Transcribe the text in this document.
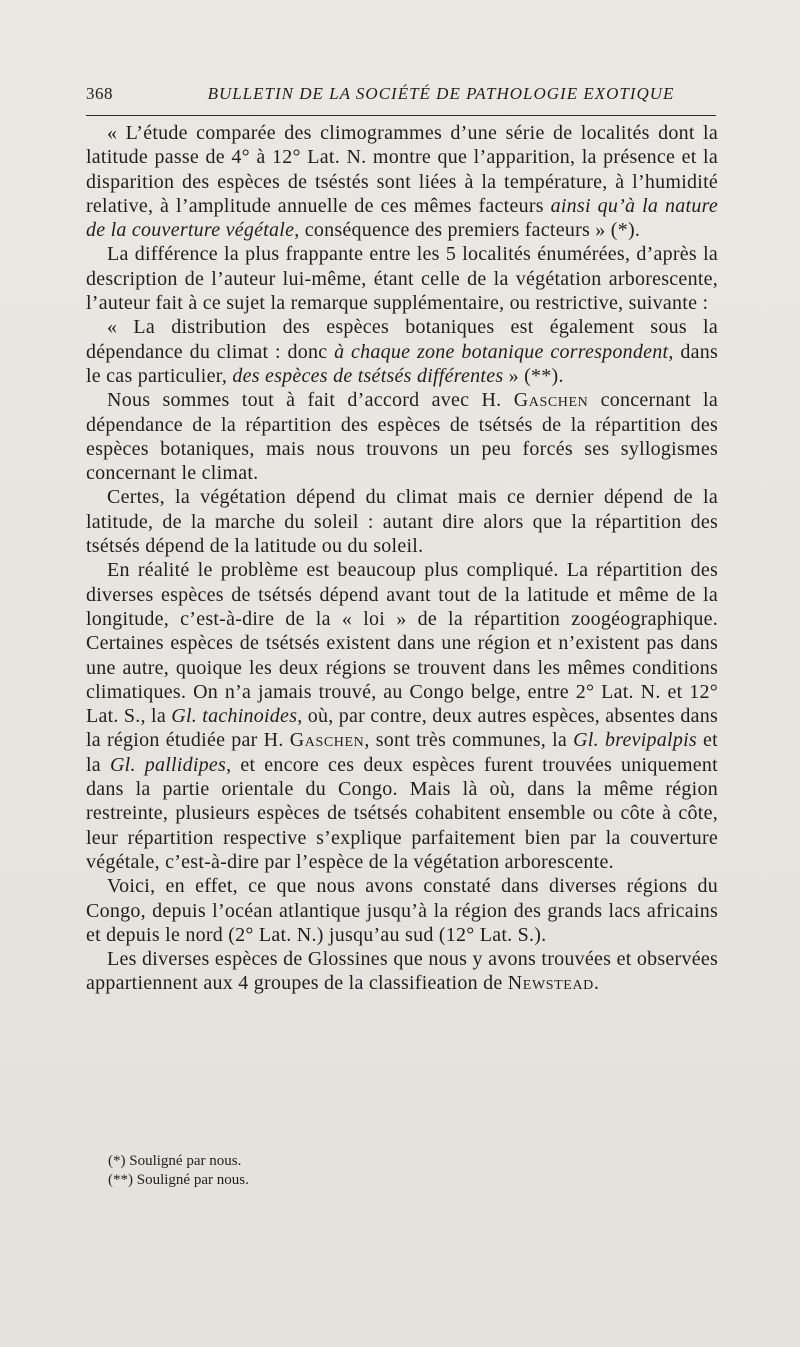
368	BULLETIN DE LA SOCIÉTÉ DE PATHOLOGIE EXOTIQUE

« L’étude comparée des climogrammes d’une série de localités dont la latitude passe de 4° à 12° Lat. N. montre que l’apparition, la présence et la disparition des espèces de tséstés sont liées à la température, à l’humidité relative, à l’amplitude annuelle de ces mêmes facteurs ainsi qu’à la nature de la couverture végétale, conséquence des premiers facteurs » (*).

La différence la plus frappante entre les 5 localités énumérées, d’après la description de l’auteur lui-même, étant celle de la végétation arborescente, l’auteur fait à ce sujet la remarque supplémentaire, ou restrictive, suivante :

« La distribution des espèces botaniques est également sous la dépendance du climat : donc à chaque zone botanique correspondent, dans le cas particulier, des espèces de tsétsés différentes » (**).

Nous sommes tout à fait d’accord avec H. Gaschen concernant la dépendance de la répartition des espèces de tsétsés de la répartition des espèces botaniques, mais nous trouvons un peu forcés ses syllogismes concernant le climat.

Certes, la végétation dépend du climat mais ce dernier dépend de la latitude, de la marche du soleil : autant dire alors que la répartition des tsétsés dépend de la latitude ou du soleil.

En réalité le problème est beaucoup plus compliqué. La répartition des diverses espèces de tsétsés dépend avant tout de la latitude et même de la longitude, c’est-à-dire de la « loi » de la répartition zoogéographique. Certaines espèces de tsétsés existent dans une région et n’existent pas dans une autre, quoique les deux régions se trouvent dans les mêmes conditions climatiques. On n’a jamais trouvé, au Congo belge, entre 2° Lat. N. et 12° Lat. S., la Gl. tachinoides, où, par contre, deux autres espèces, absentes dans la région étudiée par H. Gaschen, sont très communes, la Gl. brevipalpis et la Gl. pallidipes, et encore ces deux espèces furent trouvées uniquement dans la partie orientale du Congo. Mais là où, dans la même région restreinte, plusieurs espèces de tsétsés cohabitent ensemble ou côte à côte, leur répartition respective s’explique parfaitement bien par la couverture végétale, c’est-à-dire par l’espèce de la végétation arborescente.

Voici, en effet, ce que nous avons constaté dans diverses régions du Congo, depuis l’océan atlantique jusqu’à la région des grands lacs africains et depuis le nord (2° Lat. N.) jusqu’au sud (12° Lat. S.).

Les diverses espèces de Glossines que nous y avons trouvées et observées appartiennent aux 4 groupes de la classifieation de Newstead.

(*) Souligné par nous.

(**) Souligné par nous.
